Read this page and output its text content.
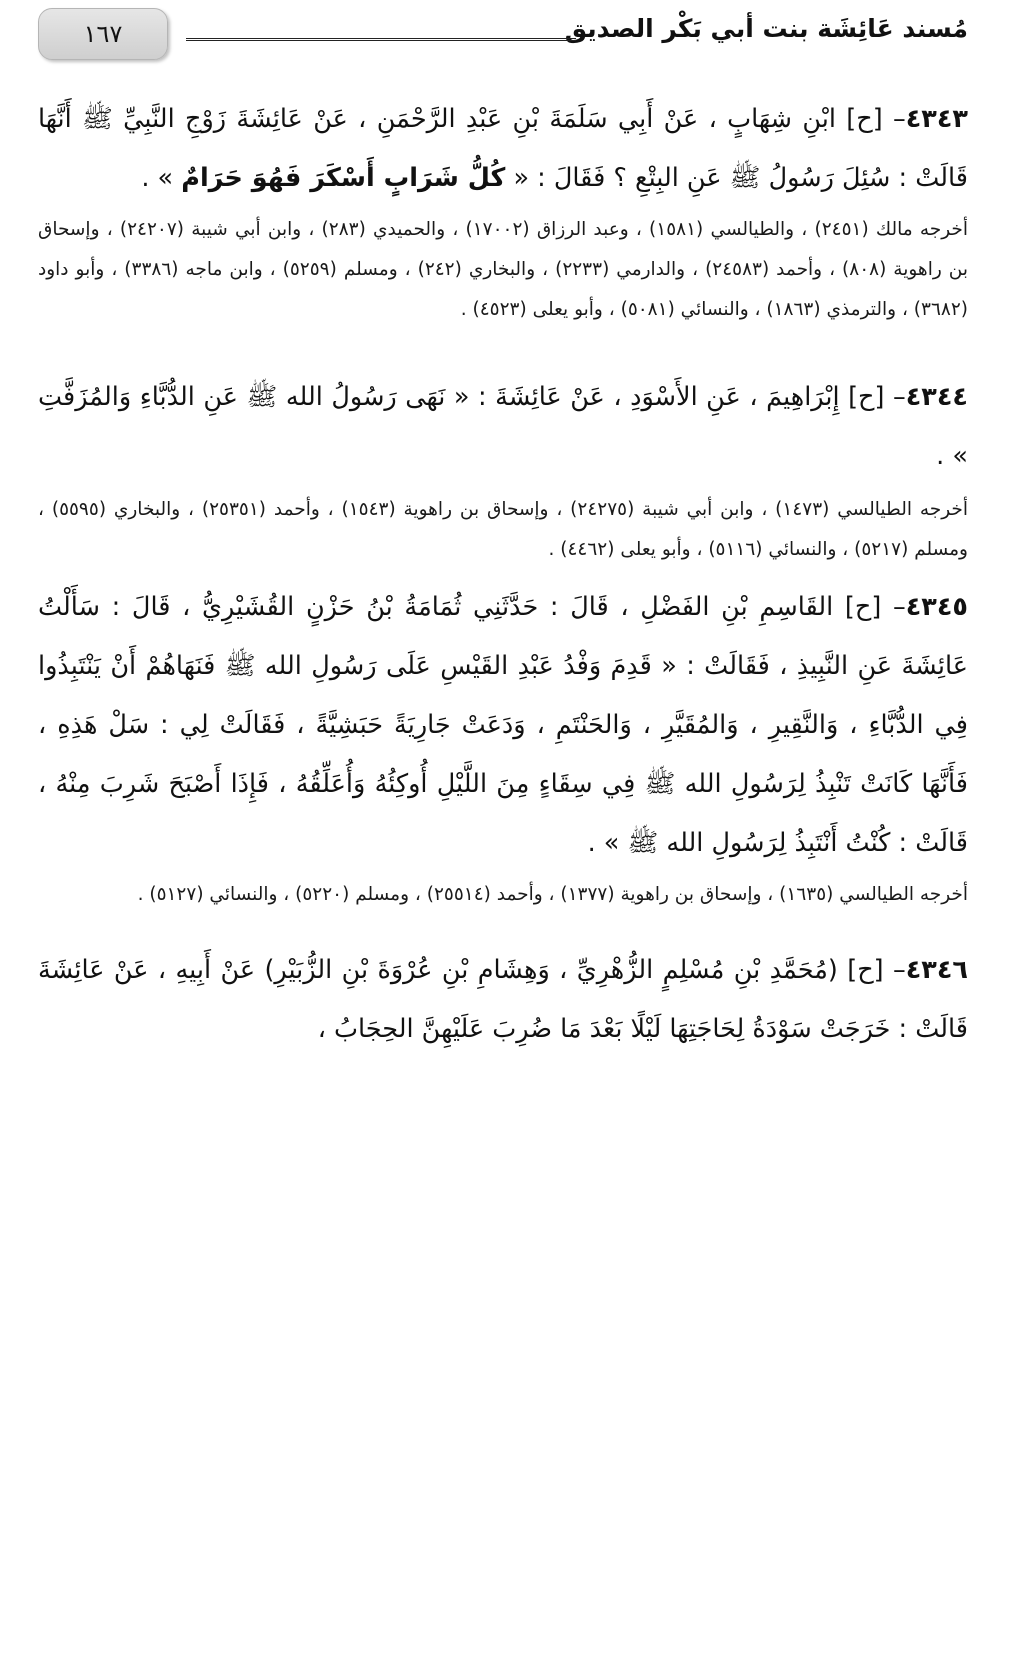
مُسند عَائِشَة بنت أبي بَكْر الصديق
١٦٧

٤٣٤٣– [ح] ابْنِ شِهَابٍ ، عَنْ أَبِي سَلَمَةَ بْنِ عَبْدِ الرَّحْمَنِ ، عَنْ عَائِشَةَ زَوْجِ النَّبِيِّ ﷺ أَنَّهَا قَالَتْ : سُئِلَ رَسُولُ ﷺ عَنِ البِتْعِ ؟ فَقَالَ : « كُلُّ شَرَابٍ أَسْكَرَ فَهُوَ حَرَامٌ » .

أخرجه مالك (٢٤٥١) ، والطيالسي (١٥٨١) ، وعبد الرزاق (١٧٠٠٢) ، والحميدي (٢٨٣) ، وابن أبي شيبة (٢٤٢٠٧) ، وإسحاق بن راهوية (٨٠٨) ، وأحمد (٢٤٥٨٣) ، والدارمي (٢٢٣٣) ، والبخاري (٢٤٢) ، ومسلم (٥٢٥٩) ، وابن ماجه (٣٣٨٦) ، وأبو داود (٣٦٨٢) ، والترمذي (١٨٦٣) ، والنسائي (٥٠٨١) ، وأبو يعلى (٤٥٢٣) .

٤٣٤٤– [ح] إِبْرَاهِيمَ ، عَنِ الأَسْوَدِ ، عَنْ عَائِشَةَ : « نَهَى رَسُولُ الله ﷺ عَنِ الدُّبَّاءِ وَالمُزَفَّتِ » .

أخرجه الطيالسي (١٤٧٣) ، وابن أبي شيبة (٢٤٢٧٥) ، وإسحاق بن راهوية (١٥٤٣) ، وأحمد (٢٥٣٥١) ، والبخاري (٥٥٩٥) ، ومسلم (٥٢١٧) ، والنسائي (٥١١٦) ، وأبو يعلى (٤٤٦٢) .

٤٣٤٥– [ح] القَاسِمِ بْنِ الفَضْلِ ، قَالَ : حَدَّثَنِي ثُمَامَةُ بْنُ حَزْنٍ القُشَيْرِيُّ ، قَالَ : سَأَلْتُ عَائِشَةَ عَنِ النَّبِيذِ ، فَقَالَتْ : « قَدِمَ وَفْدُ عَبْدِ القَيْسِ عَلَى رَسُولِ الله ﷺ فَنَهَاهُمْ أَنْ يَنْتَبِذُوا فِي الدُّبَّاءِ ، وَالنَّقِيرِ ، وَالمُقَيَّرِ ، وَالحَنْتَمِ ، وَدَعَتْ جَارِيَةً حَبَشِيَّةً ، فَقَالَتْ لِي : سَلْ هَذِهِ ، فَأَنَّهَا كَانَتْ تَنْبِذُ لِرَسُولِ الله ﷺ فِي سِقَاءٍ مِنَ اللَّيْلِ أُوكِئُهُ وَأُعَلِّقُهُ ، فَإِذَا أَصْبَحَ شَرِبَ مِنْهُ ، قَالَتْ : كُنْتُ أَنْتَبِذُ لِرَسُولِ الله ﷺ » .

أخرجه الطيالسي (١٦٣٥) ، وإسحاق بن راهوية (١٣٧٧) ، وأحمد (٢٥٥١٤) ، ومسلم (٥٢٢٠) ، والنسائي (٥١٢٧) .

٤٣٤٦– [ح] (مُحَمَّدِ بْنِ مُسْلِمٍ الزُّهْرِيِّ ، وَهِشَامِ بْنِ عُرْوَةَ بْنِ الزُّبَيْرِ) عَنْ أَبِيهِ ، عَنْ عَائِشَةَ قَالَتْ : خَرَجَتْ سَوْدَةُ لِحَاجَتِهَا لَيْلًا بَعْدَ مَا ضُرِبَ عَلَيْهِنَّ الحِجَابُ ،
